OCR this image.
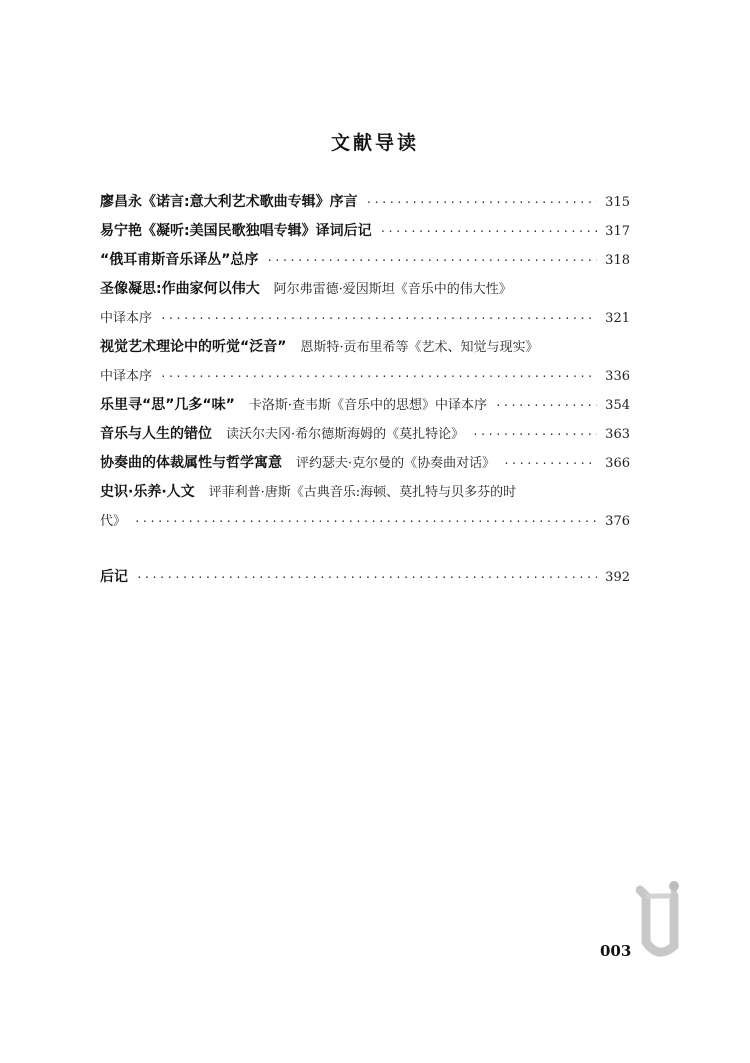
文献导读
廖昌永《诺言:意大利艺术歌曲专辑》序言 ·····	315
易宁艳《凝听:美国民歌独唱专辑》译词后记 ·····	317
“俄耳甫斯音乐译丛”总序 ·····	318
圣像凝思:作曲家何以伟大 阿尔弗雷德·爱因斯坦《音乐中的伟大性》
中译本序 ·····	321
视觉艺术理论中的听觉“泛音” 恩斯特·贡布里希等《艺术、知觉与现实》
中译本序 ·····	336
乐里寻“思”几多“味” 卡洛斯·查韦斯《音乐中的思想》中译本序 ·····	354
音乐与人生的错位 读沃尔夫冈·希尔德斯海姆的《莫扎特论》 ·····	363
协奏曲的体裁属性与哲学寓意 评约瑟夫·克尔曼的《协奏曲对话》 ·····	366
史识·乐养·人文 评菲利普·唐斯《古典音乐:海顿、莫扎特与贝多芬的时
代》 ·····	376
后记 ·····	392
003
